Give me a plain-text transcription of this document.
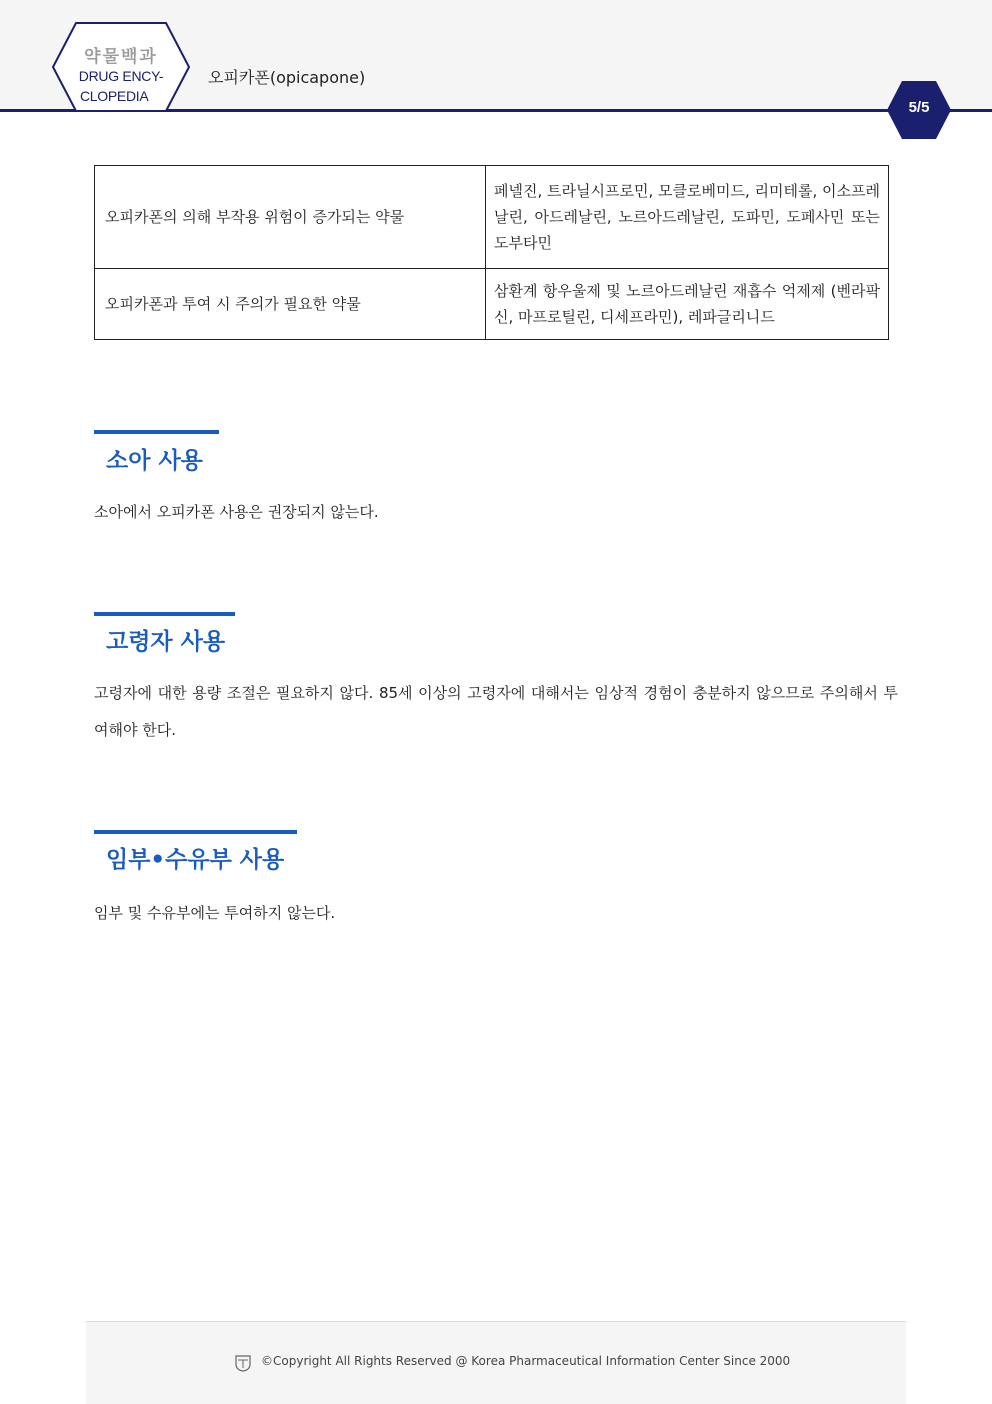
약물백과
DRUG ENCY-
CLOPEDIA
오피카폰(opicapone)
5/5
오피카폰의 의해 부작용 위험이 증가되는 약물	페넬진, 트라닐시프로민, 모클로베미드, 리미테롤, 이소프레날린, 아드레날린, 노르아드레날린, 도파민, 도페사민 또는 도부타민
오피카폰과 투여 시 주의가 필요한 약물	삼환계 항우울제 및 노르아드레날린 재흡수 억제제 (벤라팍신, 마프로틸린, 디세프라민), 레파글리니드
소아 사용
소아에서 오피카폰 사용은 권장되지 않는다.
고령자 사용
고령자에 대한 용량 조절은 필요하지 않다. 85세 이상의 고령자에 대해서는 임상적 경험이 충분하지 않으므로 주의해서 투여해야 한다.
임부•수유부 사용
임부 및 수유부에는 투여하지 않는다.
©Copyright All Rights Reserved @ Korea Pharmaceutical Information Center Since 2000
